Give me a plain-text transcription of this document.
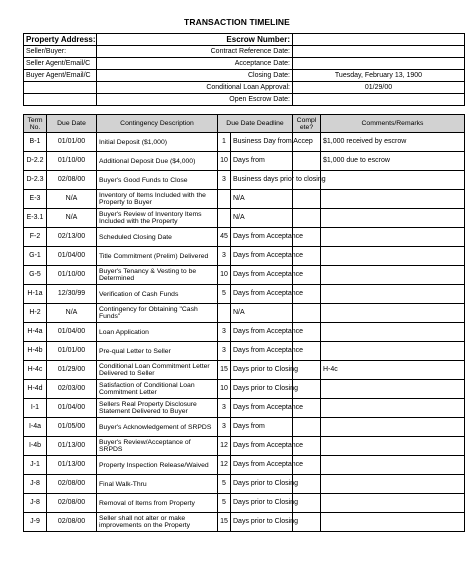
TRANSACTION TIMELINE
Property Address:		Escrow Number:				
Seller/Buyer:		Contract Reference Date:				
Seller Agent/Email/C		Acceptance Date:				
Buyer Agent/Email/C		Closing Date:			Tuesday, February 13, 1900	
		Conditional Loan Approval:			01/29/00	
		Open Escrow Date:				

Term No.	Due Date	Contingency Description	Due Date Deadline		Compl ete?	Comments/Remarks
B-1	01/01/00	Initial Deposit ($1,000)	1	Business Day from Accep		$1,000 received by escrow
D-2.2	01/10/00	Additional Deposit Due ($4,000)	10	Days from		$1,000 due to escrow
D-2.3	02/08/00	Buyer's Good Funds to Close	3	Business days prior to closing		
E-3	N/A	Inventory of Items Included with the Property to Buyer		N/A		
E-3.1	N/A	Buyer's Review of Inventory Items Included with the Property		N/A		
F-2	02/13/00	Scheduled Closing Date	45	Days from Acceptance		
G-1	01/04/00	Title Commitment (Prelim) Delivered	3	Days from Acceptance		
G-5	01/10/00	Buyer's Tenancy & Vesting to be Determined	10	Days from Acceptance		
H-1a	12/30/99	Verification of Cash Funds	5	Days from Acceptance		
H-2	N/A	Contingency for Obtaining "Cash Funds"		N/A		
H-4a	01/04/00	Loan Application	3	Days from Acceptance		
H-4b	01/01/00	Pre-qual Letter to Seller	3	Days from Acceptance		
H-4c	01/29/00	Conditional Loan Commitment Letter Delivered to Seller	15	Days prior to Closing		H-4c
H-4d	02/03/00	Satisfaction of Conditional Loan Commitment Letter	10	Days prior to Closing		
I-1	01/04/00	Sellers Real Property Disclosure Statement Delivered to Buyer	3	Days from Acceptance		
I-4a	01/05/00	Buyer's Acknowledgement of SRPDS	3	Days from		
I-4b	01/13/00	Buyer's Review/Acceptance of SRPDS	12	Days from Acceptance		
J-1	01/13/00	Property Inspection Release/Waived	12	Days from Acceptance		
J-8	02/08/00	Final Walk-Thru	5	Days prior to Closing		
J-8	02/08/00	Removal of Items from Property	5	Days prior to Closing		
J-9	02/08/00	Seller shall not alter or make improvements on the Property	15	Days prior to Closing		
